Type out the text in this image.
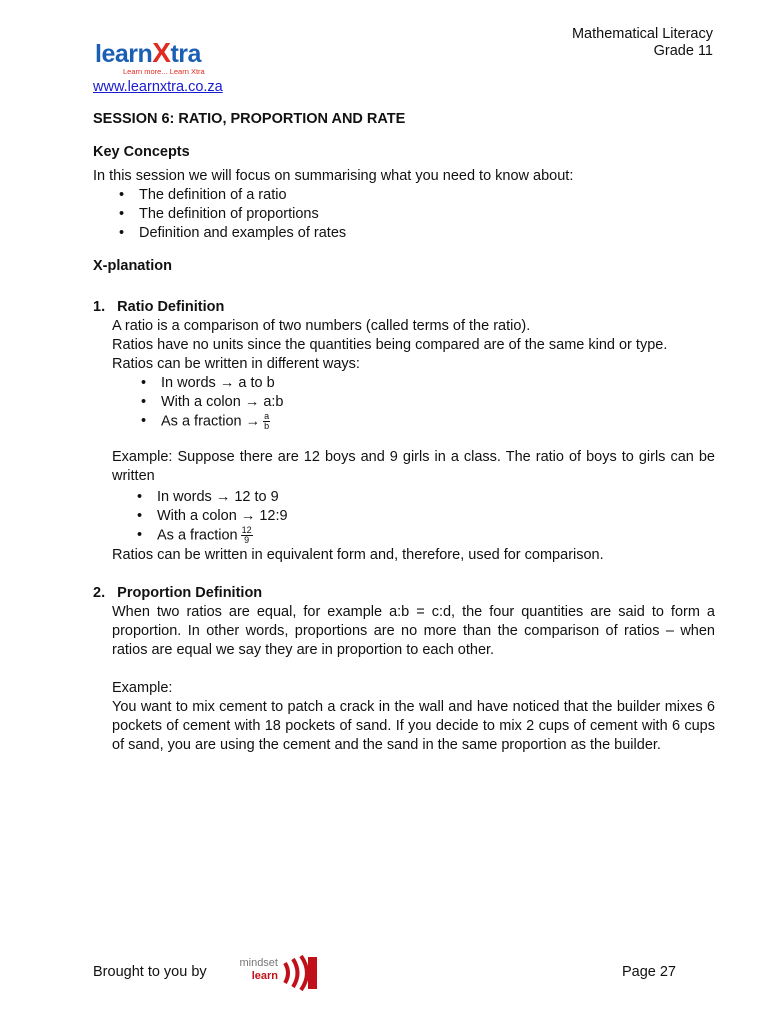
Mathematical Literacy
Grade 11
learnXtra
Learn more... Learn Xtra
www.learnxtra.co.za

SESSION 6: RATIO, PROPORTION AND RATE

Key Concepts

In this session we will focus on summarising what you need to know about:

• The definition of a ratio
• The definition of proportions
• Definition and examples of rates

X-planation

1.   Ratio Definition

A ratio is a comparison of two numbers (called terms of the ratio).

Ratios have no units since the quantities being compared are of the same kind or type.

Ratios can be written in different ways:

• In words → a to b
• With a colon → a:b
• As a fraction → $\frac{a}{b}$

Example: Suppose there are 12 boys and 9 girls in a class. The ratio of boys to girls can be written

• In words → 12 to 9
• With a colon → 12:9
• As a fraction $\frac{12}{9}$

Ratios can be written in equivalent form and, therefore, used for comparison.

2.   Proportion Definition

When two ratios are equal, for example a:b = c:d, the four quantities are said to form a proportion. In other words, proportions are no more than the comparison of ratios – when ratios are equal we say they are in proportion to each other.

Example:

You want to mix cement to patch a crack in the wall and have noticed that the builder mixes 6 pockets of cement with 18 pockets of sand. If you decide to mix 2 cups of cement with 6 cups of sand, you are using the cement and the sand in the same proportion as the builder.

Brought to you by	Page 27
mindset
learn
